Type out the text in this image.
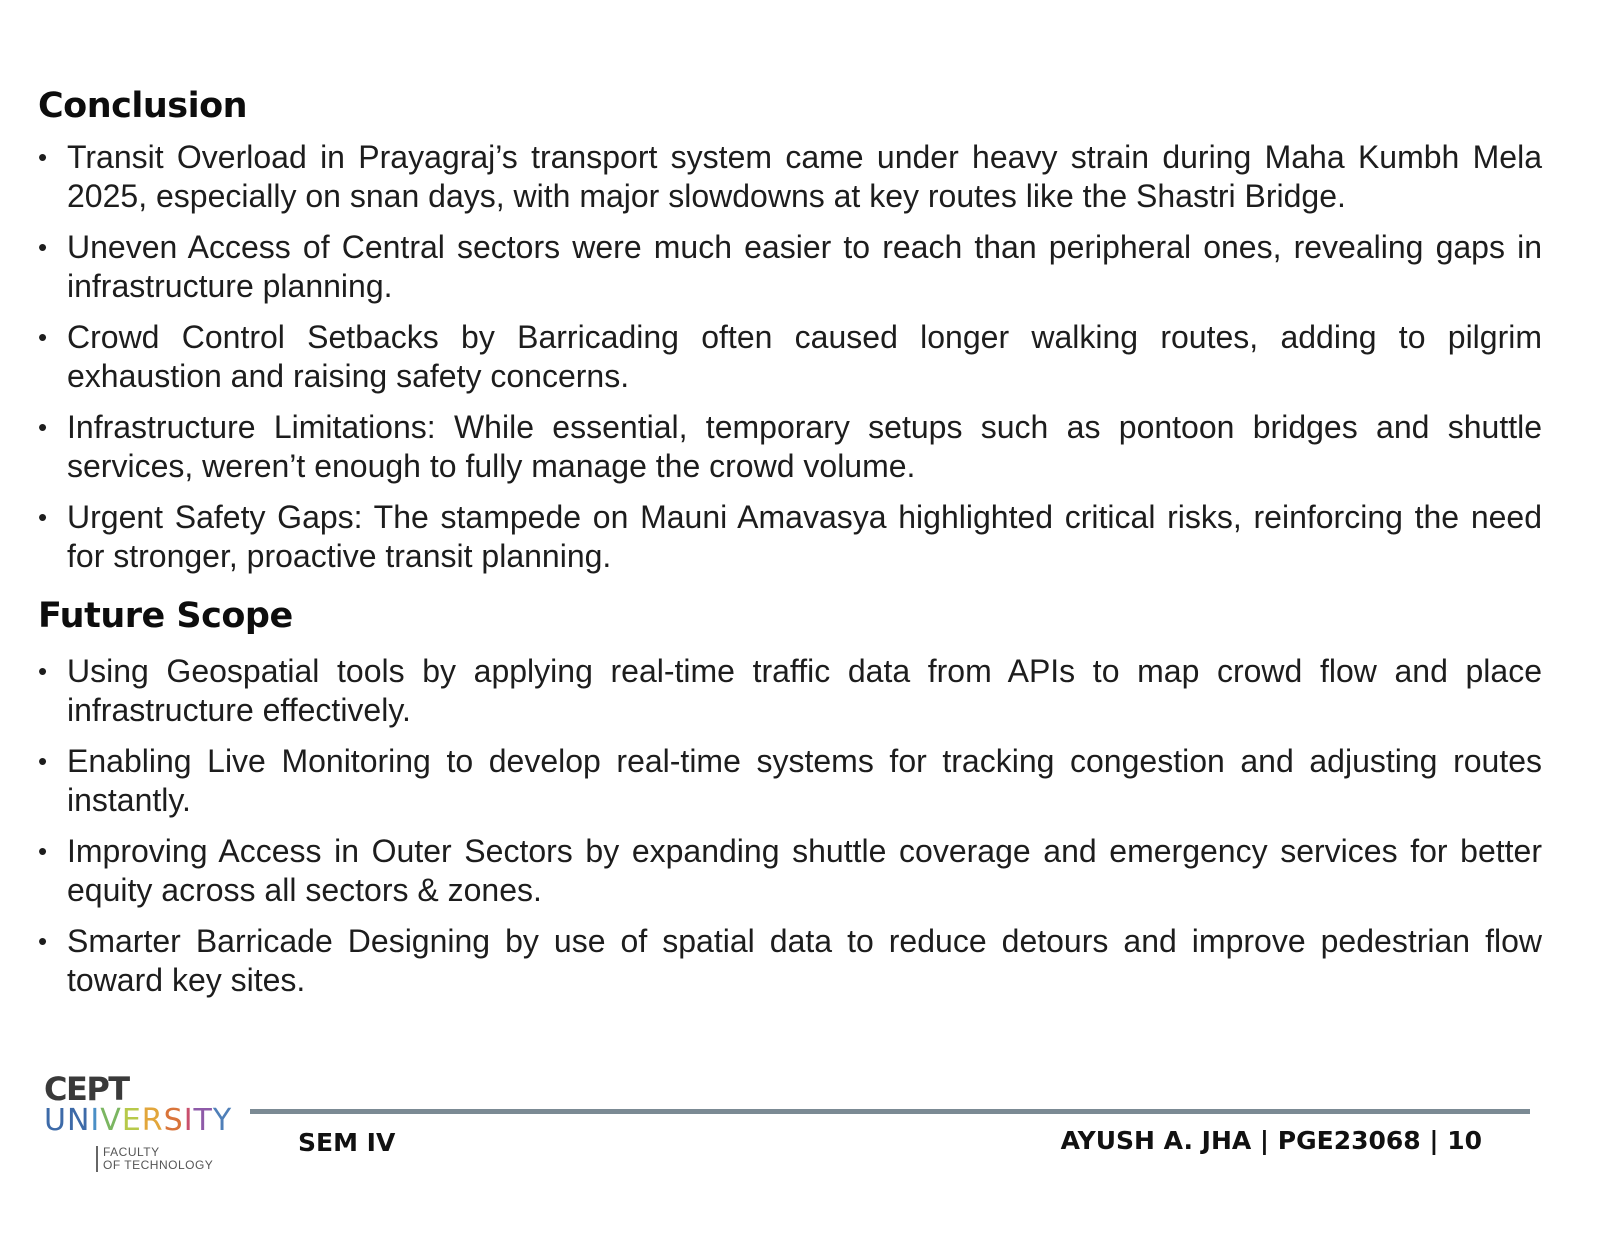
Conclusion
• Transit Overload in Prayagraj’s transport system came under heavy strain during Maha Kumbh Mela 2025, especially on snan days, with major slowdowns at key routes like the Shastri Bridge.
• Uneven Access of Central sectors were much easier to reach than peripheral ones, revealing gaps in infrastructure planning.
• Crowd Control Setbacks by Barricading often caused longer walking routes, adding to pilgrim exhaustion and raising safety concerns.
• Infrastructure Limitations: While essential, temporary setups such as pontoon bridges and shuttle services, weren’t enough to fully manage the crowd volume.
• Urgent Safety Gaps: The stampede on Mauni Amavasya highlighted critical risks, reinforcing the need for stronger, proactive transit planning.
Future Scope
• Using Geospatial tools by applying real-time traffic data from APIs to map crowd flow and place infrastructure effectively.
• Enabling Live Monitoring to develop real-time systems for tracking congestion and adjusting routes instantly.
• Improving Access in Outer Sectors by expanding shuttle coverage and emergency services for better equity across all sectors & zones.
• Smarter Barricade Designing by use of spatial data to reduce detours and improve pedestrian flow toward key sites.
CEPT
UNIVERSITY
FACULTY
OF TECHNOLOGY
SEM IV	AYUSH A. JHA | PGE23068 | 10
